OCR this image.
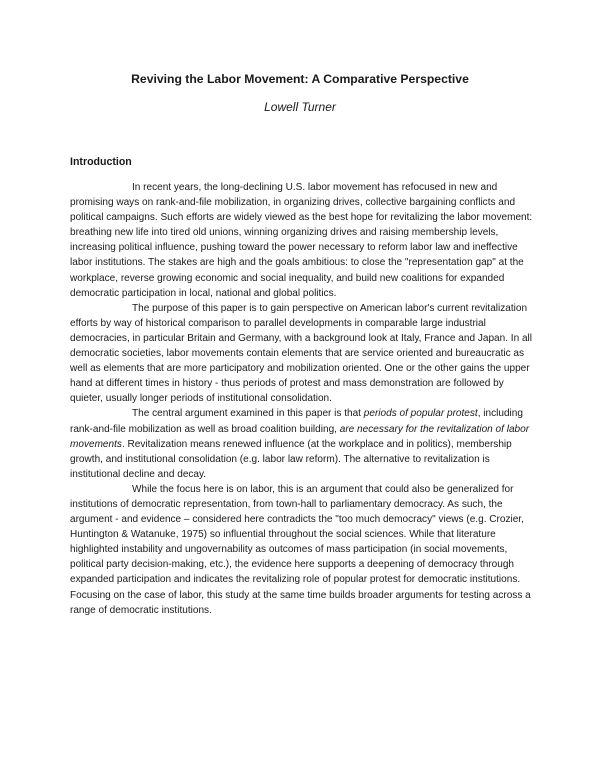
Reviving the Labor Movement: A Comparative Perspective
Lowell Turner
Introduction

In recent years, the long-declining U.S. labor movement has refocused in new and promising ways on rank-and-file mobilization, in organizing drives, collective bargaining conflicts and political campaigns. Such efforts are widely viewed as the best hope for revitalizing the labor movement: breathing new life into tired old unions, winning organizing drives and raising membership levels, increasing political influence, pushing toward the power necessary to reform labor law and ineffective labor institutions. The stakes are high and the goals ambitious: to close the "representation gap" at the workplace, reverse growing economic and social inequality, and build new coalitions for expanded democratic participation in local, national and global politics.

The purpose of this paper is to gain perspective on American labor's current revitalization efforts by way of historical comparison to parallel developments in comparable large industrial democracies, in particular Britain and Germany, with a background look at Italy, France and Japan. In all democratic societies, labor movements contain elements that are service oriented and bureaucratic as well as elements that are more participatory and mobilization oriented. One or the other gains the upper hand at different times in history - thus periods of protest and mass demonstration are followed by quieter, usually longer periods of institutional consolidation.

The central argument examined in this paper is that periods of popular protest, including rank-and-file mobilization as well as broad coalition building, are necessary for the revitalization of labor movements. Revitalization means renewed influence (at the workplace and in politics), membership growth, and institutional consolidation (e.g. labor law reform). The alternative to revitalization is institutional decline and decay.

While the focus here is on labor, this is an argument that could also be generalized for institutions of democratic representation, from town-hall to parliamentary democracy. As such, the argument - and evidence – considered here contradicts the "too much democracy" views (e.g. Crozier, Huntington & Watanuke, 1975) so influential throughout the social sciences. While that literature highlighted instability and ungovernability as outcomes of mass participation (in social movements, political party decision-making, etc.), the evidence here supports a deepening of democracy through expanded participation and indicates the revitalizing role of popular protest for democratic institutions. Focusing on the case of labor, this study at the same time builds broader arguments for testing across a range of democratic institutions.
